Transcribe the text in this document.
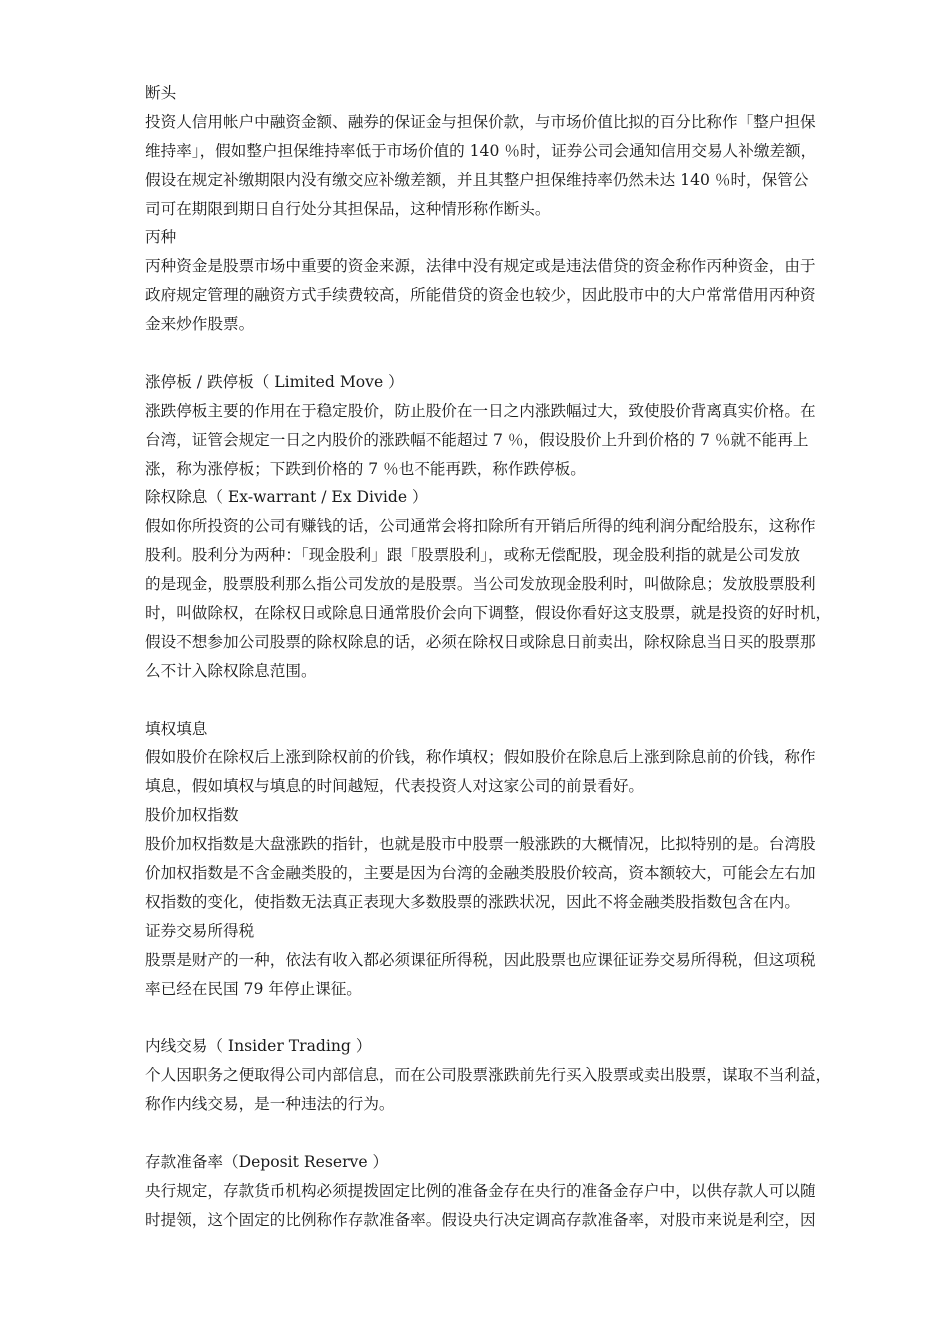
断头
投资人信用帐户中融资金额、融券的保证金与担保价款，与市场价值比拟的百分比称作「整户担保
维持率」，假如整户担保维持率低于市场价值的 140 ％时，证券公司会通知信用交易人补缴差额，
假设在规定补缴期限内没有缴交应补缴差额，并且其整户担保维持率仍然未达 140 ％时，保管公
司可在期限到期日自行处分其担保品，这种情形称作断头。
丙种
丙种资金是股票市场中重要的资金来源，法律中没有规定或是违法借贷的资金称作丙种资金，由于
政府规定管理的融资方式手续费较高，所能借贷的资金也较少，因此股市中的大户常常借用丙种资
金来炒作股票。
涨停板 / 跌停板（ Limited Move ）
涨跌停板主要的作用在于稳定股价，防止股价在一日之内涨跌幅过大，致使股价背离真实价格。在
台湾，证管会规定一日之内股价的涨跌幅不能超过 7 ％，假设股价上升到价格的 7 ％就不能再上
涨，称为涨停板；下跌到价格的 7 ％也不能再跌，称作跌停板。
除权除息（ Ex-warrant / Ex Divide ）
假如你所投资的公司有赚钱的话，公司通常会将扣除所有开销后所得的纯利润分配给股东，这称作
股利。股利分为两种：「现金股利」跟「股票股利」，或称无偿配股，现金股利指的就是公司发放
的是现金，股票股利那么指公司发放的是股票。当公司发放现金股利时，叫做除息；发放股票股利
时，叫做除权，在除权日或除息日通常股价会向下调整，假设你看好这支股票，就是投资的好时机，
假设不想参加公司股票的除权除息的话，必须在除权日或除息日前卖出，除权除息当日买的股票那
么不计入除权除息范围。
填权填息
假如股价在除权后上涨到除权前的价钱，称作填权；假如股价在除息后上涨到除息前的价钱，称作
填息，假如填权与填息的时间越短，代表投资人对这家公司的前景看好。
股价加权指数
股价加权指数是大盘涨跌的指针，也就是股市中股票一般涨跌的大概情况，比拟特别的是。台湾股
价加权指数是不含金融类股的，主要是因为台湾的金融类股股价较高，资本额较大，可能会左右加
权指数的变化，使指数无法真正表现大多数股票的涨跌状况，因此不将金融类股指数包含在内。
证券交易所得税
股票是财产的一种，依法有收入都必须课征所得税，因此股票也应课征证券交易所得税，但这项税
率已经在民国 79 年停止课征。
内线交易（ Insider Trading ）
个人因职务之便取得公司内部信息，而在公司股票涨跌前先行买入股票或卖出股票，谋取不当利益，
称作内线交易，是一种违法的行为。
存款准备率（Deposit Reserve ）
央行规定，存款货币机构必须提拨固定比例的准备金存在央行的准备金存户中，以供存款人可以随
时提领，这个固定的比例称作存款准备率。假设央行决定调高存款准备率，对股市来说是利空，因
